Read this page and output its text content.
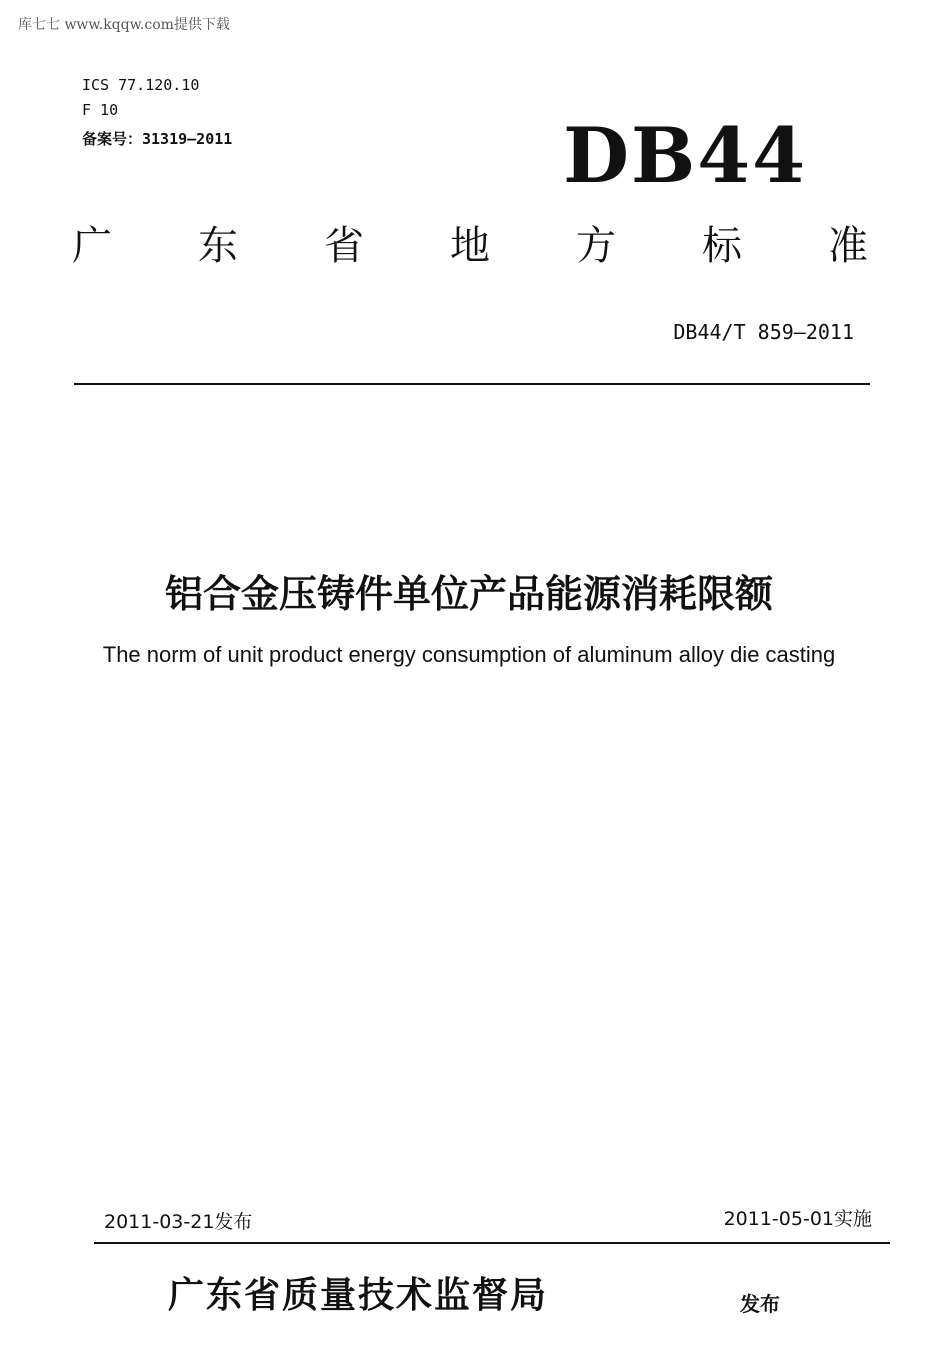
库七七 www.kqqw.com提供下载
ICS 77.120.10
F 10
备案号：31319—2011	DB44
广 东 省 地 方 标 准
DB44/T 859—2011
铝合金压铸件单位产品能源消耗限额
The norm of unit product energy consumption of aluminum alloy die casting
2011-03-21发布	2011-05-01实施
广东省质量技术监督局	发布
